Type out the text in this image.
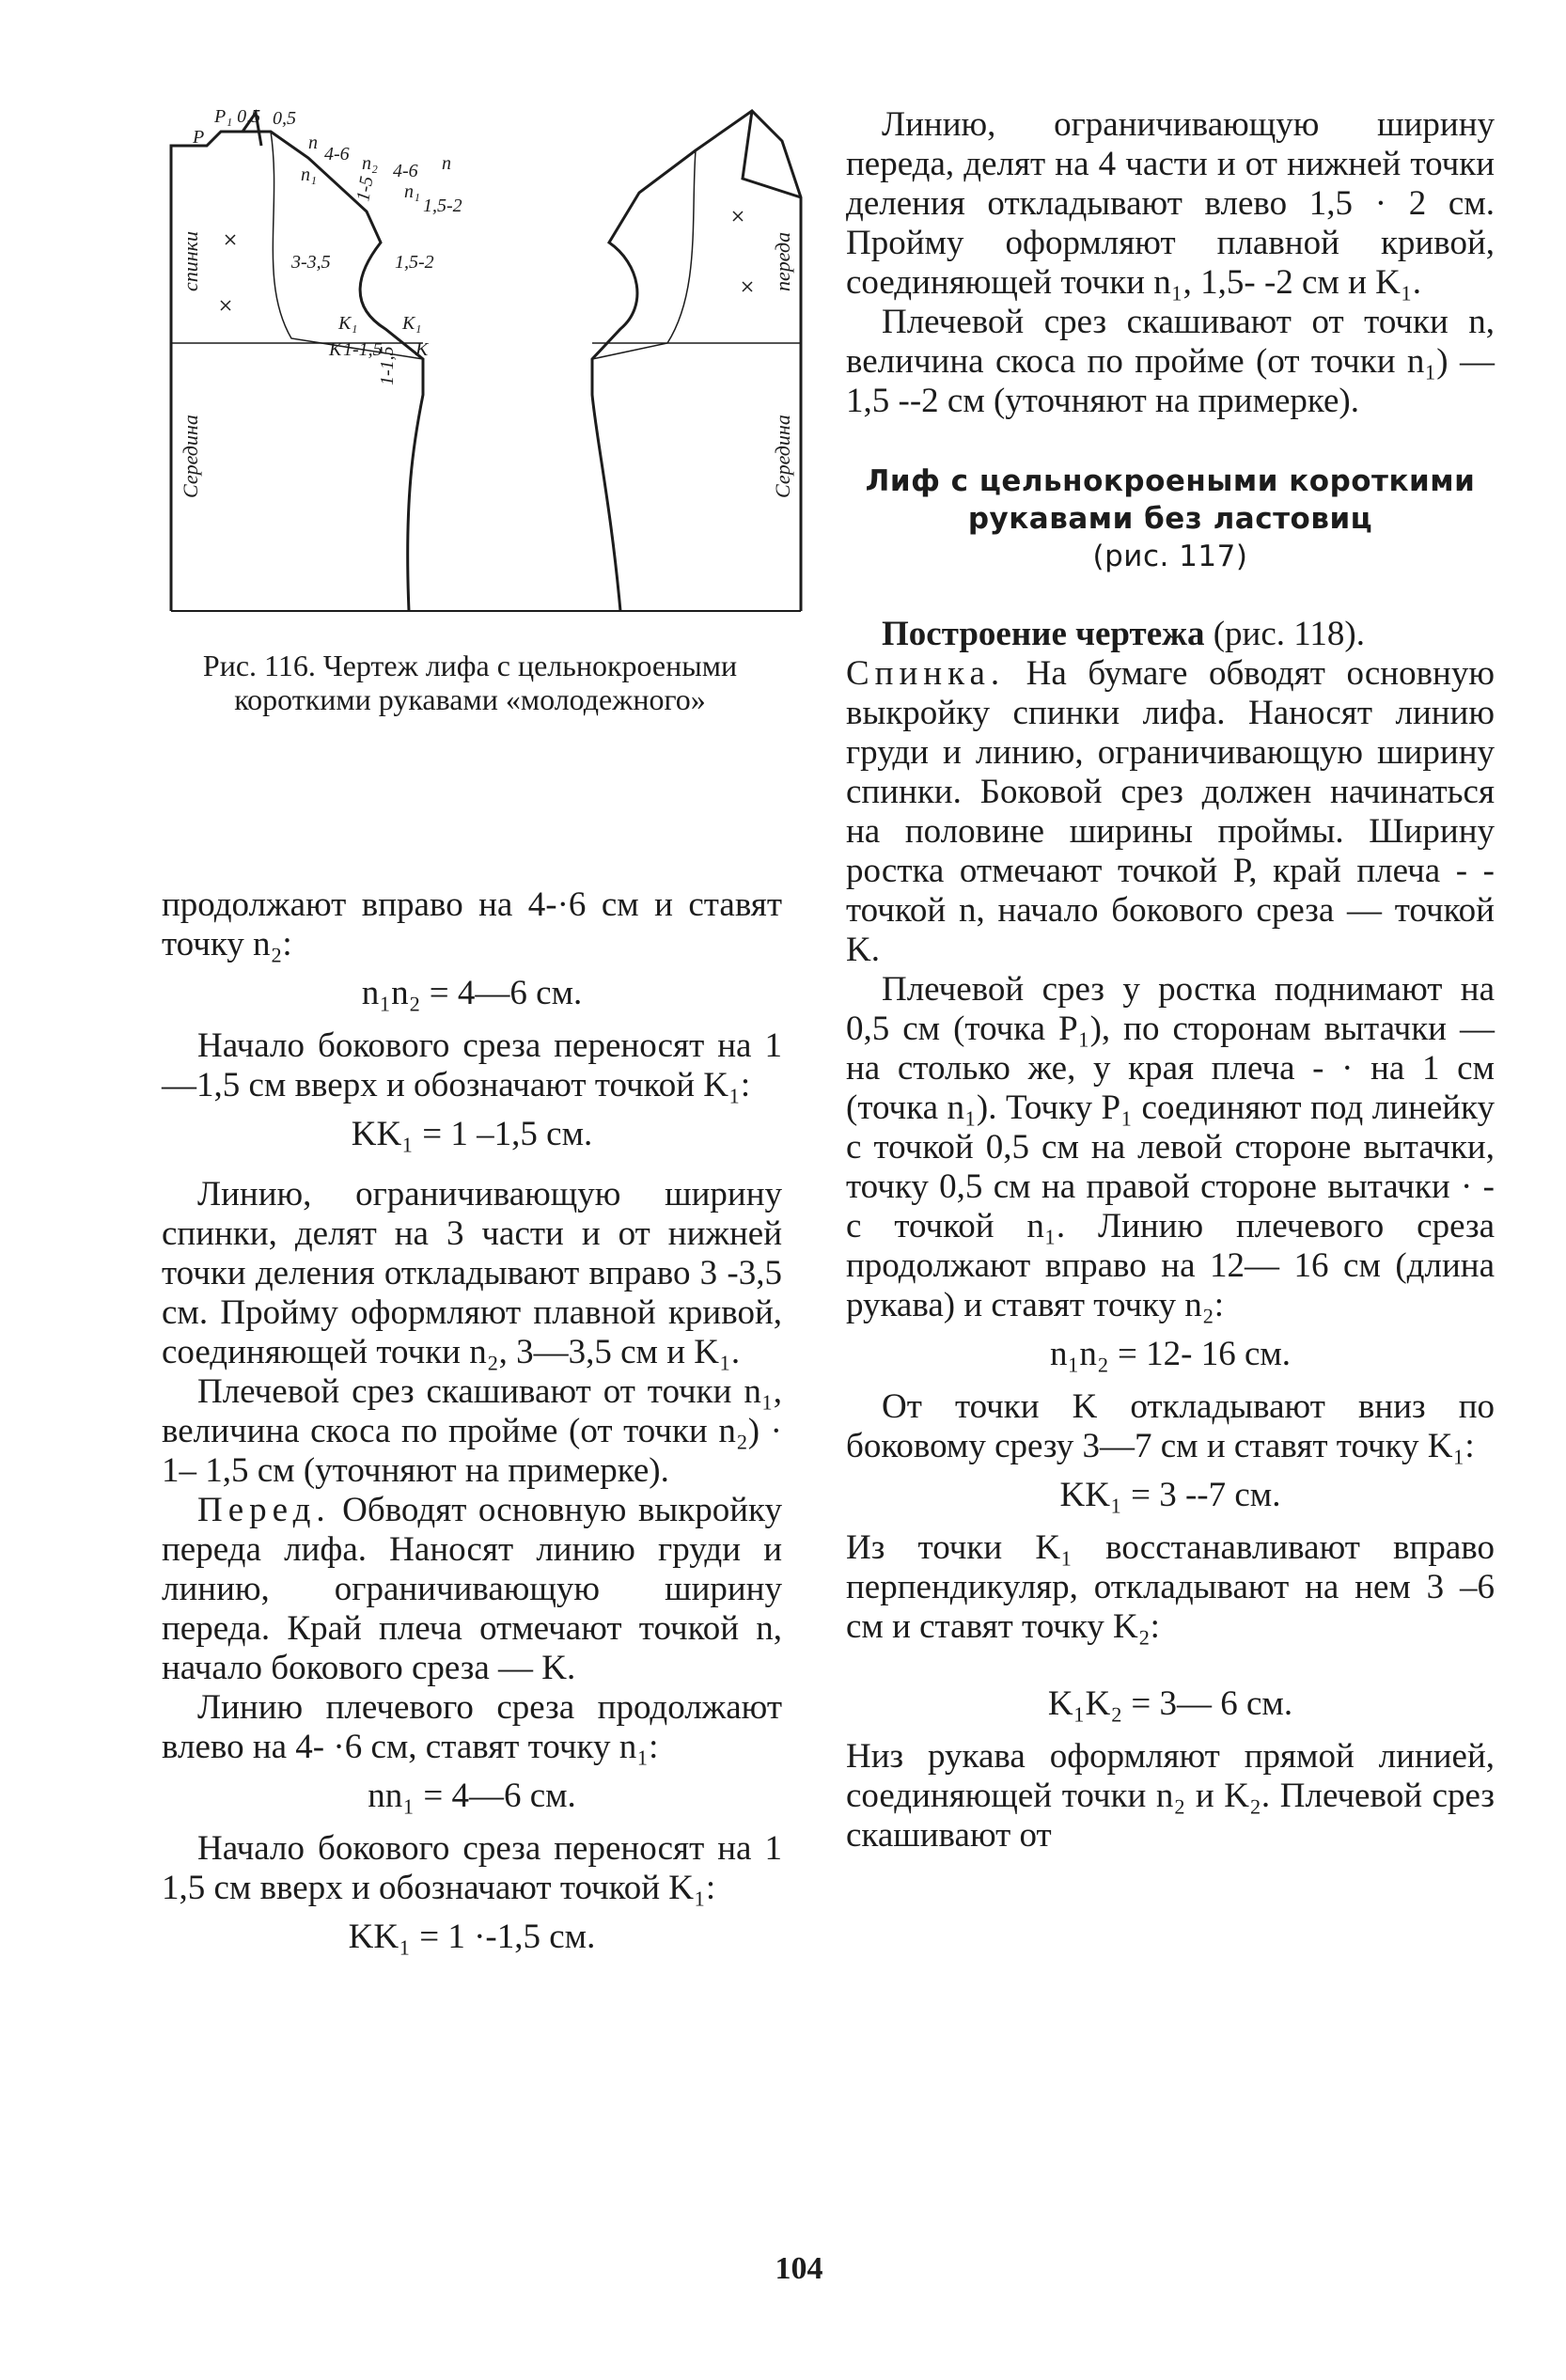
P₁ 0,5
P
0,5
n
n₁
4-6 n₂ 4-6 n
n₁
1,5-2
3-3,5	1,5-2
K₁
K 1-1,5
K₁
K
1-5
1-1,5
спинки
Середина
переда
Середина

Рис. 116. Чертеж лифа с цельнокроеными короткими рукавами «молодежного»

продолжают вправо на 4-·6 см и ставят точку n₂:

n₁n₂ = 4—6 см.

Начало бокового среза переносят на 1—1,5 см вверх и обозначают точкой K₁:

KK₁ = 1 –1,5 см.

Линию, ограничивающую ширину спинки, делят на 3 части и от нижней точки деления откладывают вправо 3 -3,5 см. Пройму оформляют плавной кривой, соединяющей точки n₂, 3—3,5 см и K₁.

Плечевой срез скашивают от точки n₁, величина скоса по пройме (от точки n₂) · 1– 1,5 см (уточняют на примерке).

Перед. Обводят основную выкройку переда лифа. Наносят линию груди и линию, ограничивающую ширину переда. Край плеча отмечают точкой n, начало бокового среза — K.

Линию плечевого среза продолжают влево на 4- ·6 см, ставят точку n₁:

nn₁ = 4—6 см.

Начало бокового среза переносят на 1 1,5 см вверх и обозначают точкой K₁:

KK₁ = 1 ·-1,5 см.

Линию, ограничивающую ширину переда, делят на 4 части и от нижней точки деления откладывают влево 1,5 · 2 см. Пройму оформляют плавной кривой, соединяющей точки n₁, 1,5- -2 см и K₁.

Плечевой срез скашивают от точки n, величина скоса по пройме (от точки n₁) — 1,5 --2 см (уточняют на примерке).

Лиф с цельнокроеными короткими рукавами без ластовиц

(рис. 117)

Построение чертежа (рис. 118).

Спинка. На бумаге обводят основную выкройку спинки лифа. Наносят линию груди и линию, ограничивающую ширину спинки. Боковой срез должен начинаться на половине ширины проймы. Ширину ростка отмечают точкой P, край плеча - - точкой n, начало бокового среза — точкой K.

Плечевой срез у ростка поднимают на 0,5 см (точка P₁), по сторонам вытачки — на столько же, у края плеча - · на 1 см (точка n₁). Точку P₁ соединяют под линейку с точкой 0,5 см на левой стороне вытачки, точку 0,5 см на правой стороне вытачки · - с точкой n₁. Линию плечевого среза продолжают вправо на 12— 16 см (длина рукава) и ставят точку n₂:

n₁n₂ = 12- 16 см.

От точки K откладывают вниз по боковому срезу 3—7 см и ставят точку K₁:

KK₁ = 3 --7 см.

Из точки K₁ восстанавливают вправо перпендикуляр, откладывают на нем 3 –6 см и ставят точку K₂:

K₁K₂ = 3— 6 см.

Низ рукава оформляют прямой линией, соединяющей точки n₂ и K₂. Плечевой срез скашивают от

104
